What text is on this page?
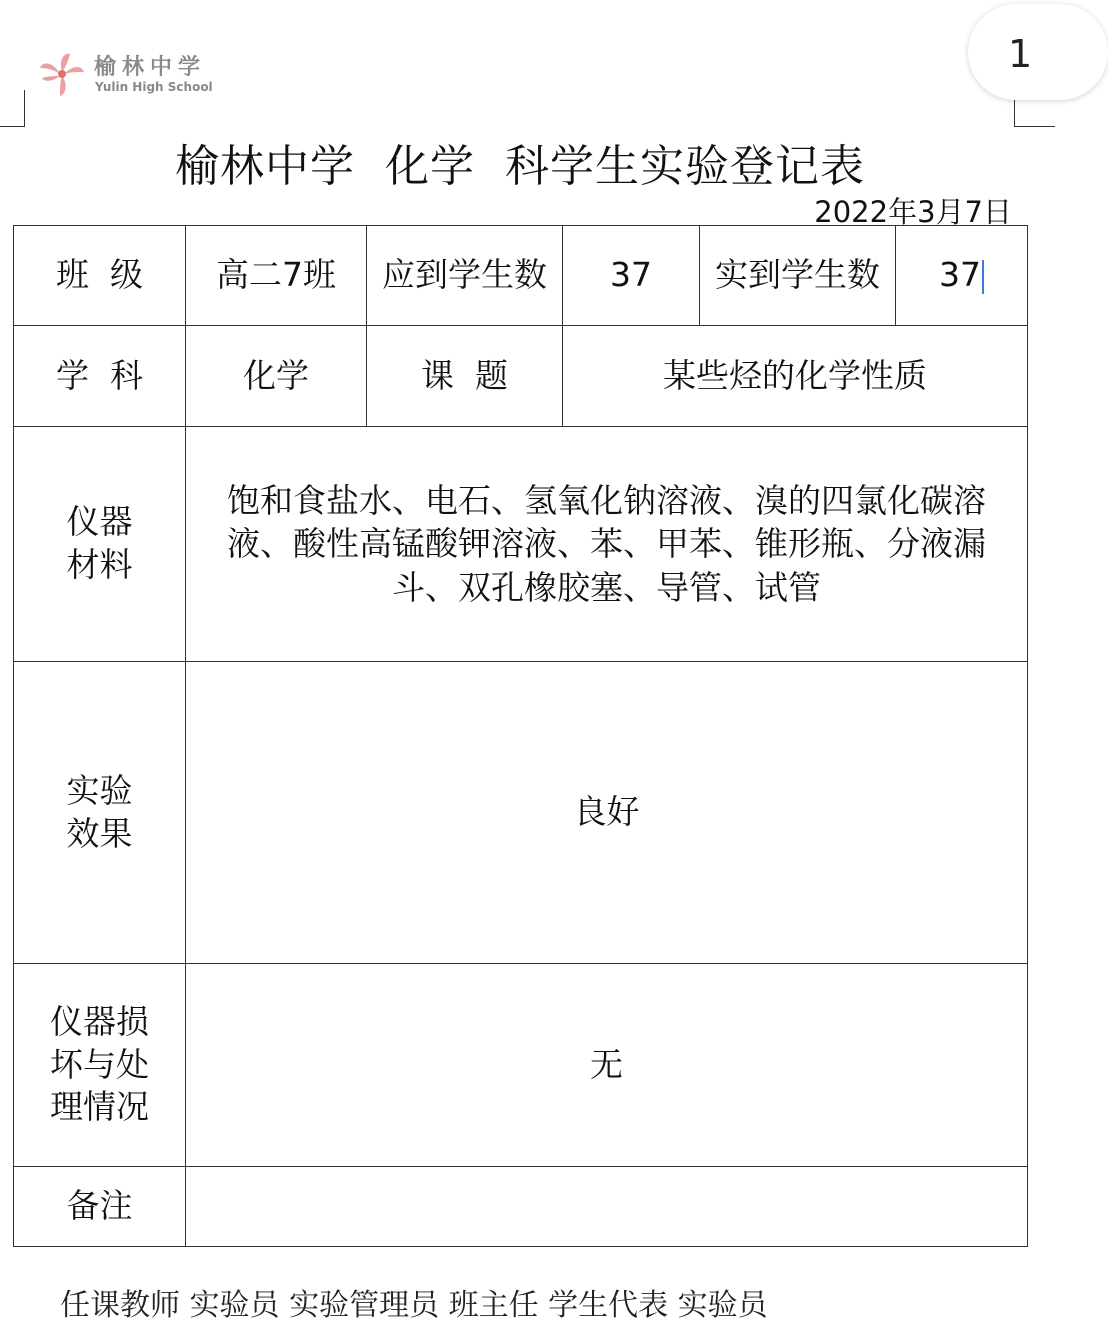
榆林中学
Yulin High School
1
榆林中学  化学  科学生实验登记表
2022年3月7日
班  级	高二7班	应到学生数	37	实到学生数	37
学  科	化学	课  题	某些烃的化学性质		

仪器
材料	饱和食盐水、电石、氢氧化钠溶液、溴的四氯化碳溶液、酸性高锰酸钾溶液、苯、甲苯、锥形瓶、分液漏斗、双孔橡胶塞、导管、试管				

实验
效果	良好				

仪器损
坏与处
理情况	无				
备注					
任课教师 实验员 实验管理员 班主任 学生代表 实验员
